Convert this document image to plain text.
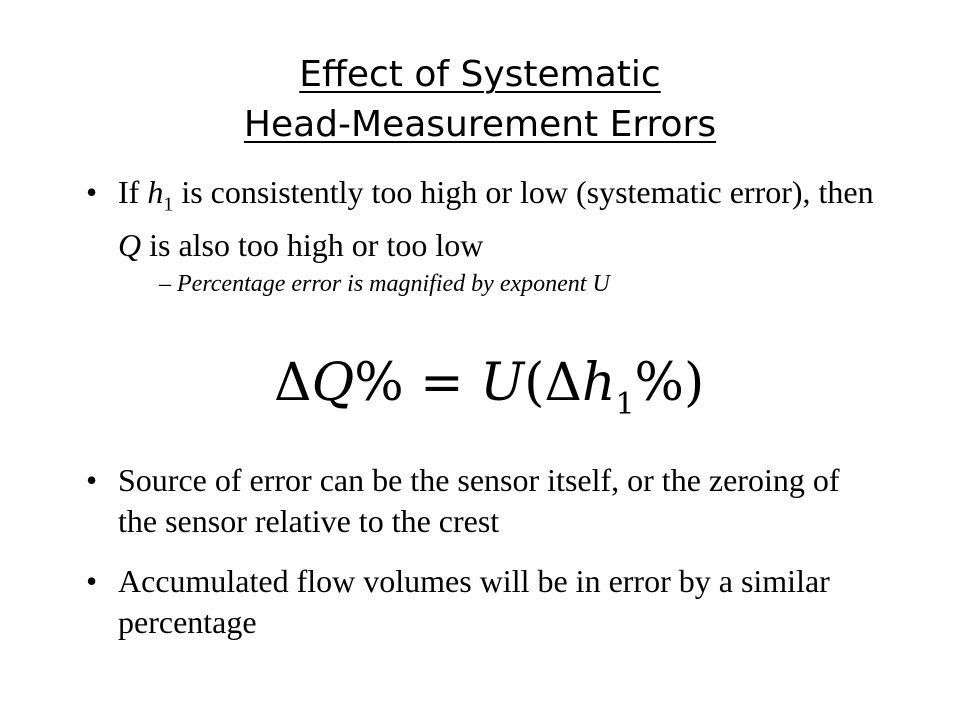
Effect of Systematic
Head-Measurement Errors
• If $h_1$ is consistently too high or low (systematic error), then Q is also too high or too low
– Percentage error is magnified by exponent U
$\Delta Q\% = U(\Delta h_1\%)$
• Source of error can be the sensor itself, or the zeroing of the sensor relative to the crest
• Accumulated flow volumes will be in error by a similar percentage
